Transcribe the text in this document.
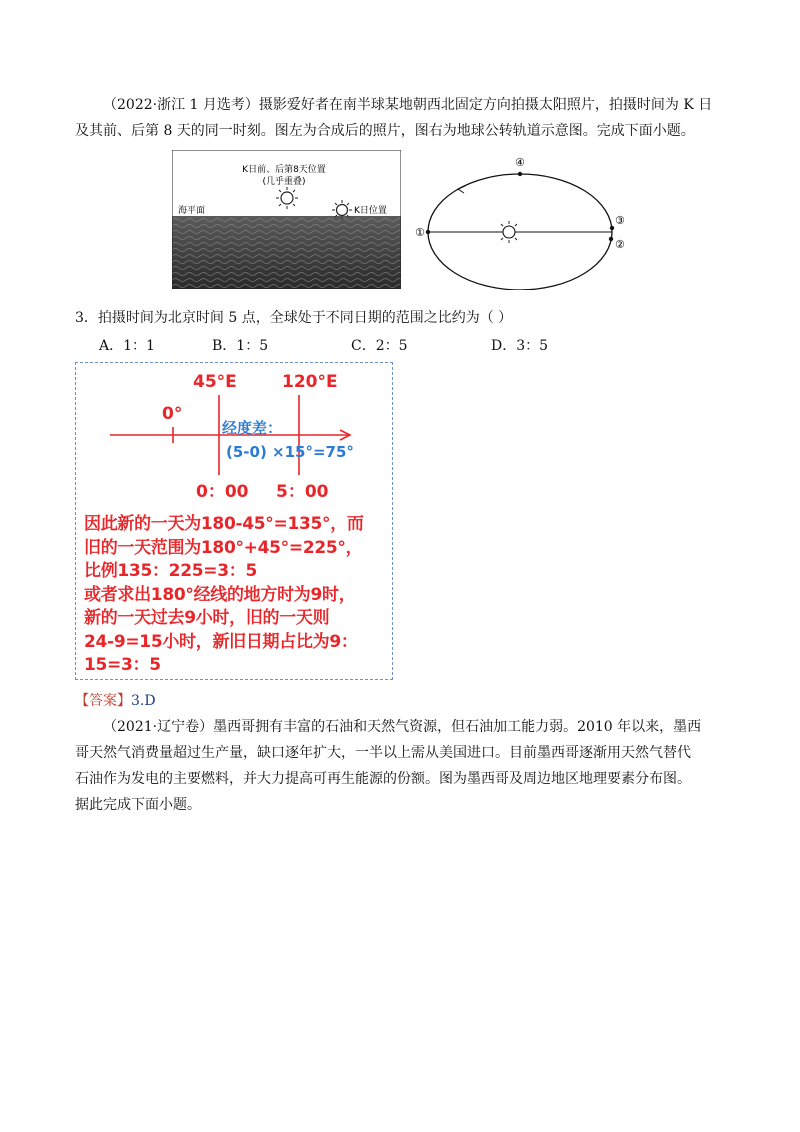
（2022·浙江 1 月选考）摄影爱好者在南半球某地朝西北固定方向拍摄太阳照片，拍摄时间为 K 日
及其前、后第 8 天的同一时刻。图左为合成后的照片，图右为地球公转轨道示意图。完成下面小题。

K日前、后第8天位置
(几乎重叠)
海平面	K日位置
①
②
③
④

3．拍摄时间为北京时间 5 点，全球处于不同日期的范围之比约为（ ）

A．1：1	B．1：5	C．2：5	D．3：5

45°E	120°E
0°
经度差：
(5-0) ×15°=75°
0：00 5：00
因此新的一天为180-45°=135°，而
旧的一天范围为180°+45°=225°，
比例135：225=3：5
或者求出180°经线的地方时为9时，
新的一天过去9小时，旧的一天则
24-9=15小时，新旧日期占比为9：
15=3：5

【答案】3.D

（2021·辽宁卷）墨西哥拥有丰富的石油和天然气资源，但石油加工能力弱。2010 年以来，墨西
哥天然气消费量超过生产量，缺口逐年扩大，一半以上需从美国进口。目前墨西哥逐渐用天然气替代
石油作为发电的主要燃料，并大力提高可再生能源的份额。图为墨西哥及周边地区地理要素分布图。
据此完成下面小题。
